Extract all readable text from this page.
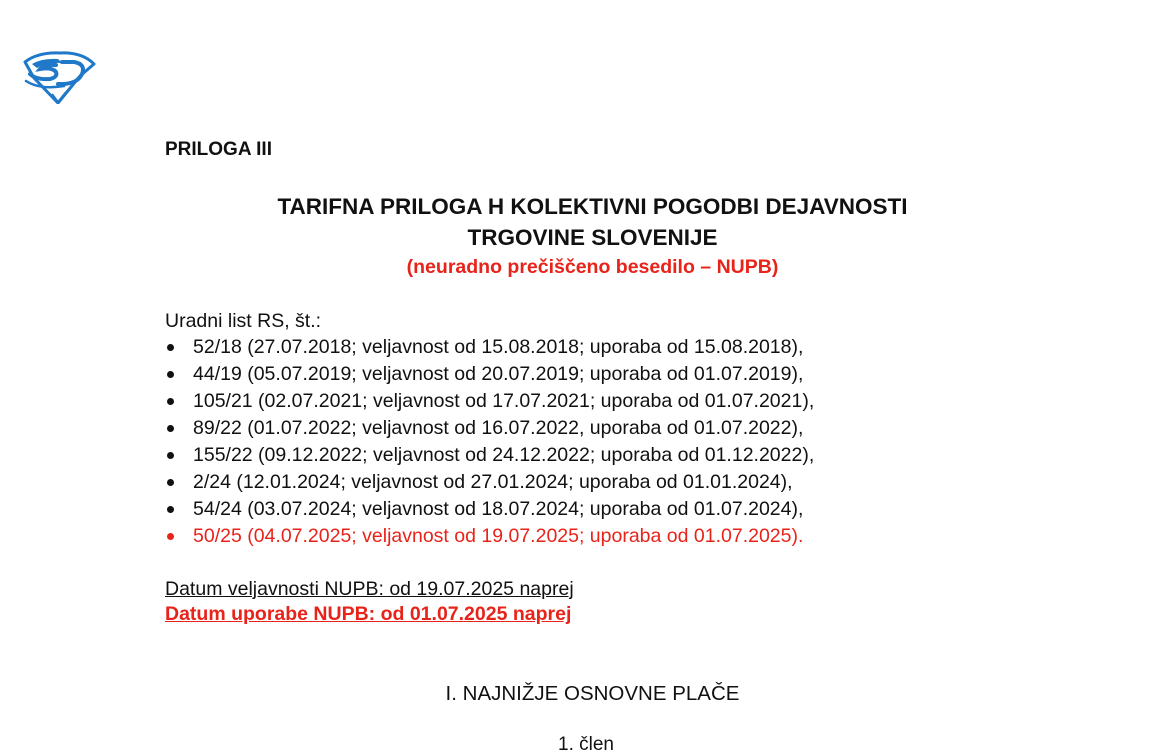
PRILOGA III
TARIFNA PRILOGA H KOLEKTIVNI POGODBI DEJAVNOSTI
TRGOVINE SLOVENIJE
(neuradno prečiščeno besedilo – NUPB)
Uradni list RS, št.:
52/18 (27.07.2018; veljavnost od 15.08.2018; uporaba od 15.08.2018),
44/19 (05.07.2019; veljavnost od 20.07.2019; uporaba od 01.07.2019),
105/21 (02.07.2021; veljavnost od 17.07.2021; uporaba od 01.07.2021),
89/22 (01.07.2022; veljavnost od 16.07.2022, uporaba od 01.07.2022),
155/22 (09.12.2022; veljavnost od 24.12.2022; uporaba od 01.12.2022),
2/24 (12.01.2024; veljavnost od 27.01.2024; uporaba od 01.01.2024),
54/24 (03.07.2024; veljavnost od 18.07.2024; uporaba od 01.07.2024),
50/25 (04.07.2025; veljavnost od 19.07.2025; uporaba od 01.07.2025).
Datum veljavnosti NUPB: od 19.07.2025 naprej
Datum uporabe NUPB: od 01.07.2025 naprej
I. NAJNIŽJE OSNOVNE PLAČE
1. člen
